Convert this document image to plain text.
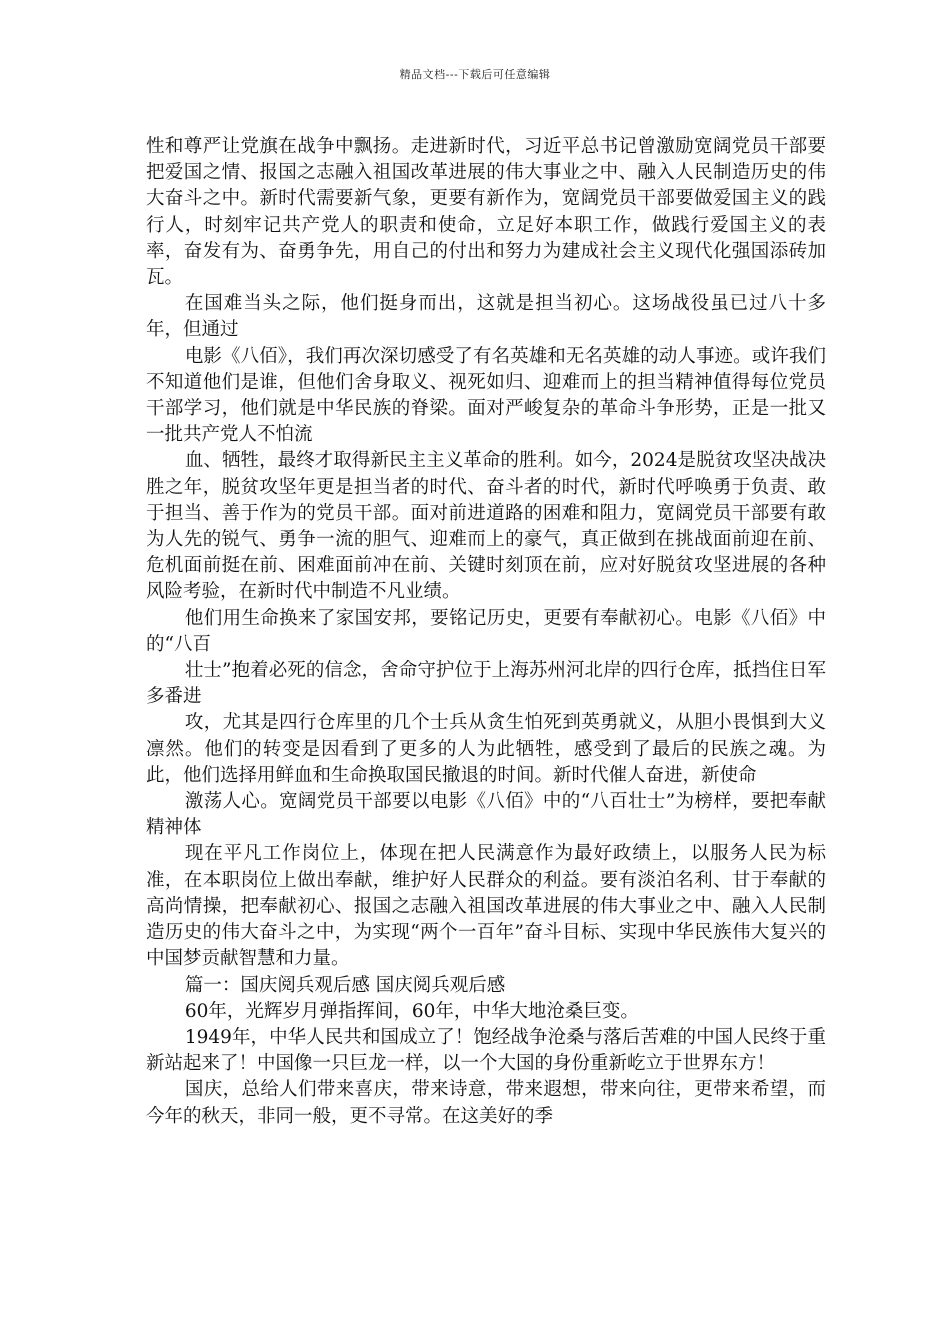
精品文档---下载后可任意编辑

性和尊严让党旗在战争中飘扬。走进新时代，习近平总书记曾激励宽阔党员干部要把爱国之情、报国之志融入祖国改革进展的伟大事业之中、融入人民制造历史的伟大奋斗之中。新时代需要新气象，更要有新作为，宽阔党员干部要做爱国主义的践行人，时刻牢记共产党人的职责和使命，立足好本职工作，做践行爱国主义的表率，奋发有为、奋勇争先，用自己的付出和努力为建成社会主义现代化强国添砖加瓦。

在国难当头之际，他们挺身而出，这就是担当初心。这场战役虽已过八十多年，但通过

电影《八佰》，我们再次深切感受了有名英雄和无名英雄的动人事迹。或许我们不知道他们是谁，但他们舍身取义、视死如归、迎难而上的担当精神值得每位党员干部学习，他们就是中华民族的脊梁。面对严峻复杂的革命斗争形势，正是一批又一批共产党人不怕流

血、牺牲，最终才取得新民主主义革命的胜利。如今，2024是脱贫攻坚决战决胜之年，脱贫攻坚年更是担当者的时代、奋斗者的时代，新时代呼唤勇于负责、敢于担当、善于作为的党员干部。面对前进道路的困难和阻力，宽阔党员干部要有敢为人先的锐气、勇争一流的胆气、迎难而上的豪气，真正做到在挑战面前迎在前、危机面前挺在前、困难面前冲在前、关键时刻顶在前，应对好脱贫攻坚进展的各种风险考验，在新时代中制造不凡业绩。

他们用生命换来了家国安邦，要铭记历史，更要有奉献初心。电影《八佰》中的“八百

壮士”抱着必死的信念，舍命守护位于上海苏州河北岸的四行仓库，抵挡住日军多番进

攻，尤其是四行仓库里的几个士兵从贪生怕死到英勇就义，从胆小畏惧到大义凛然。他们的转变是因看到了更多的人为此牺牲，感受到了最后的民族之魂。为此，他们选择用鲜血和生命换取国民撤退的时间。新时代催人奋进，新使命

激荡人心。宽阔党员干部要以电影《八佰》中的“八百壮士”为榜样，要把奉献精神体

现在平凡工作岗位上，体现在把人民满意作为最好政绩上，以服务人民为标准，在本职岗位上做出奉献，维护好人民群众的利益。要有淡泊名利、甘于奉献的高尚情操，把奉献初心、报国之志融入祖国改革进展的伟大事业之中、融入人民制造历史的伟大奋斗之中，为实现“两个一百年”奋斗目标、实现中华民族伟大复兴的中国梦贡献智慧和力量。

篇一：国庆阅兵观后感 国庆阅兵观后感

60年，光辉岁月弹指挥间，60年，中华大地沧桑巨变。

1949年，中华人民共和国成立了！饱经战争沧桑与落后苦难的中国人民终于重新站起来了！中国像一只巨龙一样，以一个大国的身份重新屹立于世界东方！

国庆，总给人们带来喜庆，带来诗意，带来遐想，带来向往，更带来希望，而今年的秋天，非同一般，更不寻常。在这美好的季
